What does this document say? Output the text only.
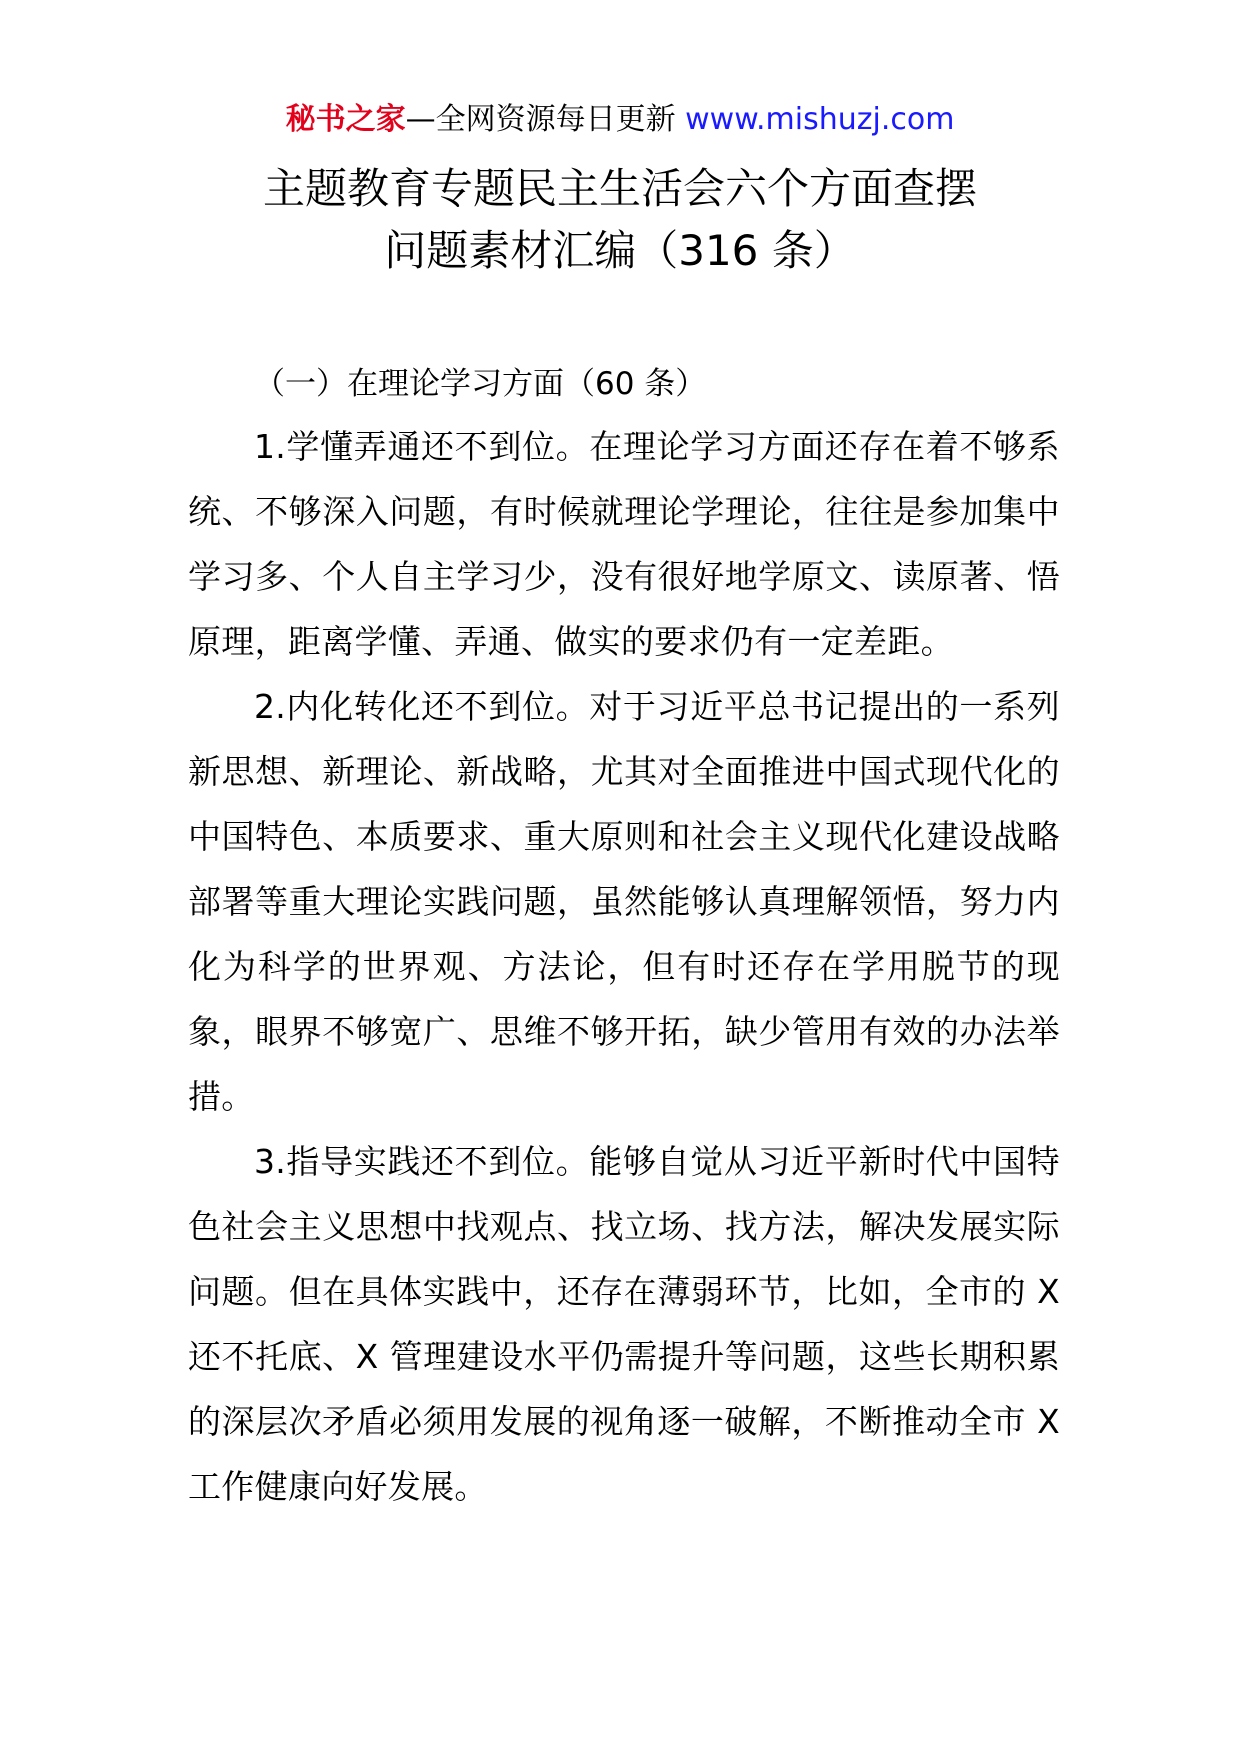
秘书之家—全网资源每日更新 www.mishuzj.com
主题教育专题民主生活会六个方面查摆
问题素材汇编（316 条）
（一）在理论学习方面（60 条）

1.学懂弄通还不到位。在理论学习方面还存在着不够系统、不够深入问题，有时候就理论学理论，往往是参加集中学习多、个人自主学习少，没有很好地学原文、读原著、悟原理，距离学懂、弄通、做实的要求仍有一定差距。

2.内化转化还不到位。对于习近平总书记提出的一系列新思想、新理论、新战略，尤其对全面推进中国式现代化的中国特色、本质要求、重大原则和社会主义现代化建设战略部署等重大理论实践问题，虽然能够认真理解领悟，努力内化为科学的世界观、方法论，但有时还存在学用脱节的现象，眼界不够宽广、思维不够开拓，缺少管用有效的办法举措。

3.指导实践还不到位。能够自觉从习近平新时代中国特色社会主义思想中找观点、找立场、找方法，解决发展实际问题。但在具体实践中，还存在薄弱环节，比如，全市的 X 还不托底、X 管理建设水平仍需提升等问题，这些长期积累的深层次矛盾必须用发展的视角逐一破解，不断推动全市 X 工作健康向好发展。
